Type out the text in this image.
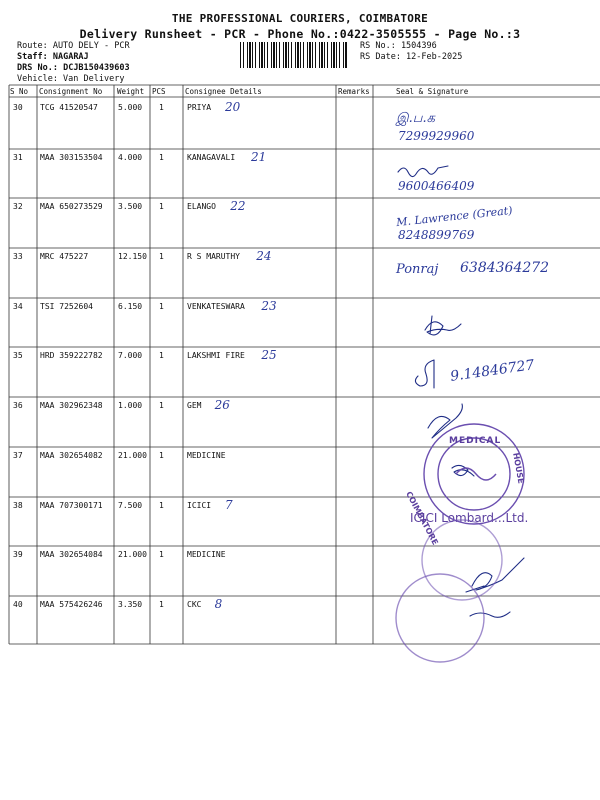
THE PROFESSIONAL COURIERS, COIMBATORE
Delivery Runsheet - PCR - Phone No.:0422-3505555 - Page No.:3
Route: AUTO DELY - PCR
Staff: NAGARAJ
DRS No.: DCJB150439603
Vehicle: Van Delivery
RS No.: 1504396
RS Date: 12-Feb-2025
S No Consignment No Weight PCS	Consignee Details	Remarks	Seal & Signature
30 TCG 41520547	5.000 1	PRIYA 20
இ.ப.க
7299929960
31 MAA 303153504 4.000 1	KANAGAVALI 21
9600466409
32 MAA 650273529 3.500 1	ELANGO 22	M. Lawrence (Great)
8248899769
33 MRC 475227	12.150 1	R S MARUTHY 24
Ponraj 6384364272
34 TSI 7252604	6.150 1	VENKATESWARA 23
35 HRD 359222782 7.000 1	LAKSHMI FIRE 25
9.14846727
36 MAA 302962348 1.000 1	GEM 26
37 MAA 302654082 21.000 1	MEDICINE
38 MAA 707300171 7.500 1	ICICI 7
ICICI Lombard...Ltd.
39 MAA 302654084 21.000 1	MEDICINE
40 MAA 575426246 3.350 1	CKC 8
MEDICAL
COIMBATORE
HOUSE
